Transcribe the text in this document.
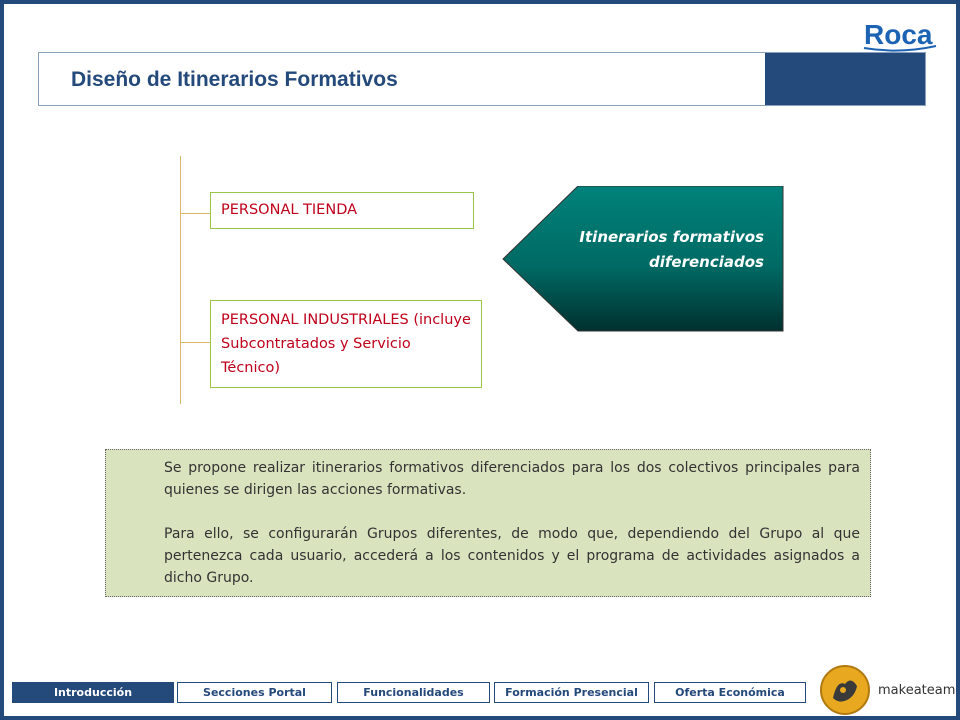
Roca
Diseño de Itinerarios Formativos
PERSONAL TIENDA
PERSONAL INDUSTRIALES (incluye Subcontratados y Servicio Técnico)
Itinerarios formativos
diferenciados

Se propone realizar itinerarios formativos diferenciados para los dos colectivos principales para quienes se dirigen las acciones formativas.

Para ello, se configurarán Grupos diferentes, de modo que, dependiendo del Grupo al que pertenezca cada usuario, accederá a los contenidos y el programa de actividades asignados a dicho Grupo.

Introducción	Secciones Portal	Funcionalidades	Formación Presencial	Oferta Económica	makeateam
